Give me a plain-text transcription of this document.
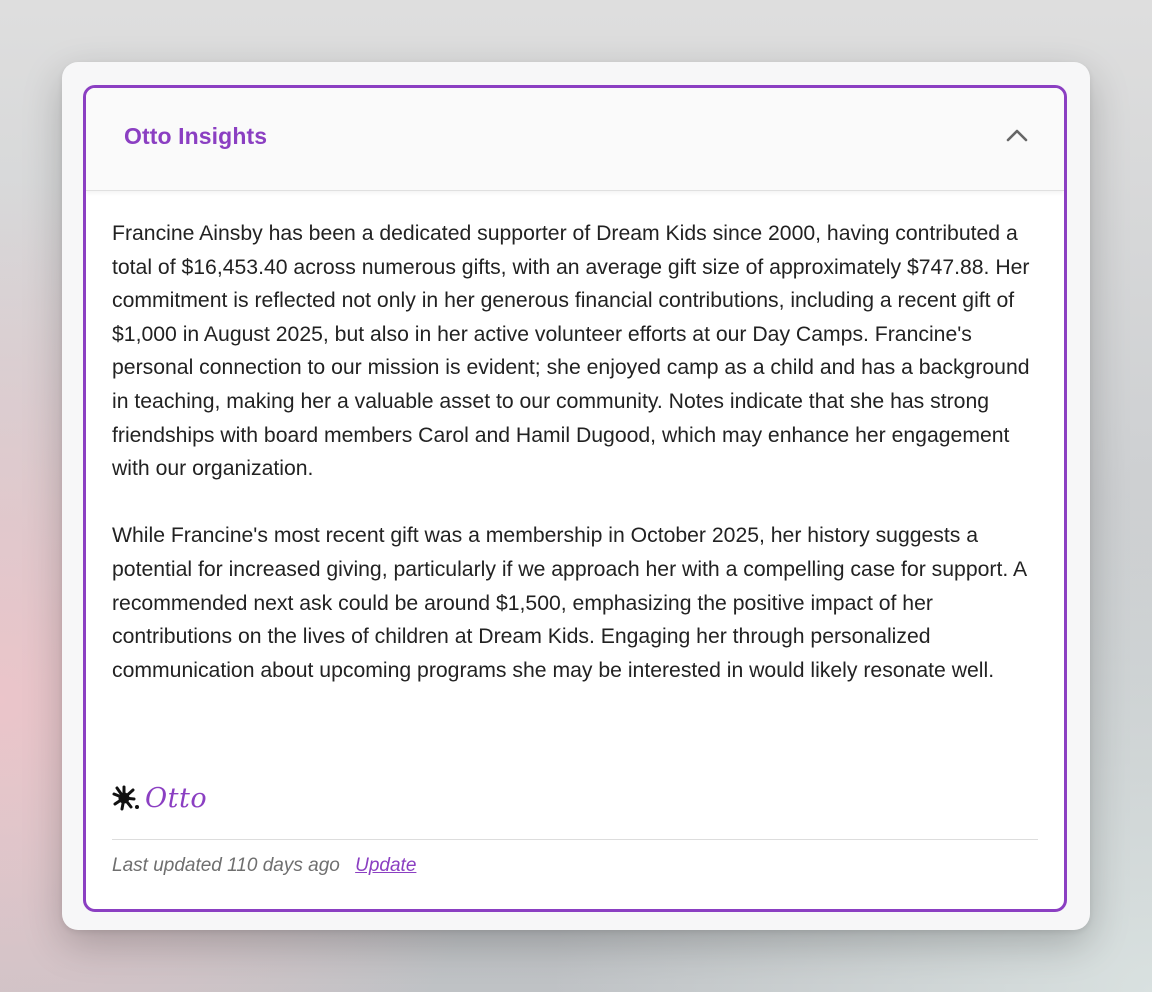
Otto Insights

Francine Ainsby has been a dedicated supporter of Dream Kids since 2000, having contributed a total of $16,453.40 across numerous gifts, with an average gift size of approximately $747.88. Her commitment is reflected not only in her generous financial contributions, including a recent gift of $1,000 in August 2025, but also in her active volunteer efforts at our Day Camps. Francine's personal connection to our mission is evident; she enjoyed camp as a child and has a background in teaching, making her a valuable asset to our community. Notes indicate that she has strong friendships with board members Carol and Hamil Dugood, which may enhance her engagement with our organization.

While Francine's most recent gift was a membership in October 2025, her history suggests a potential for increased giving, particularly if we approach her with a compelling case for support. A recommended next ask could be around $1,500, emphasizing the positive impact of her contributions on the lives of children at Dream Kids. Engaging her through personalized communication about upcoming programs she may be interested in would likely resonate well.

Otto
Last updated 110 days ago Update
